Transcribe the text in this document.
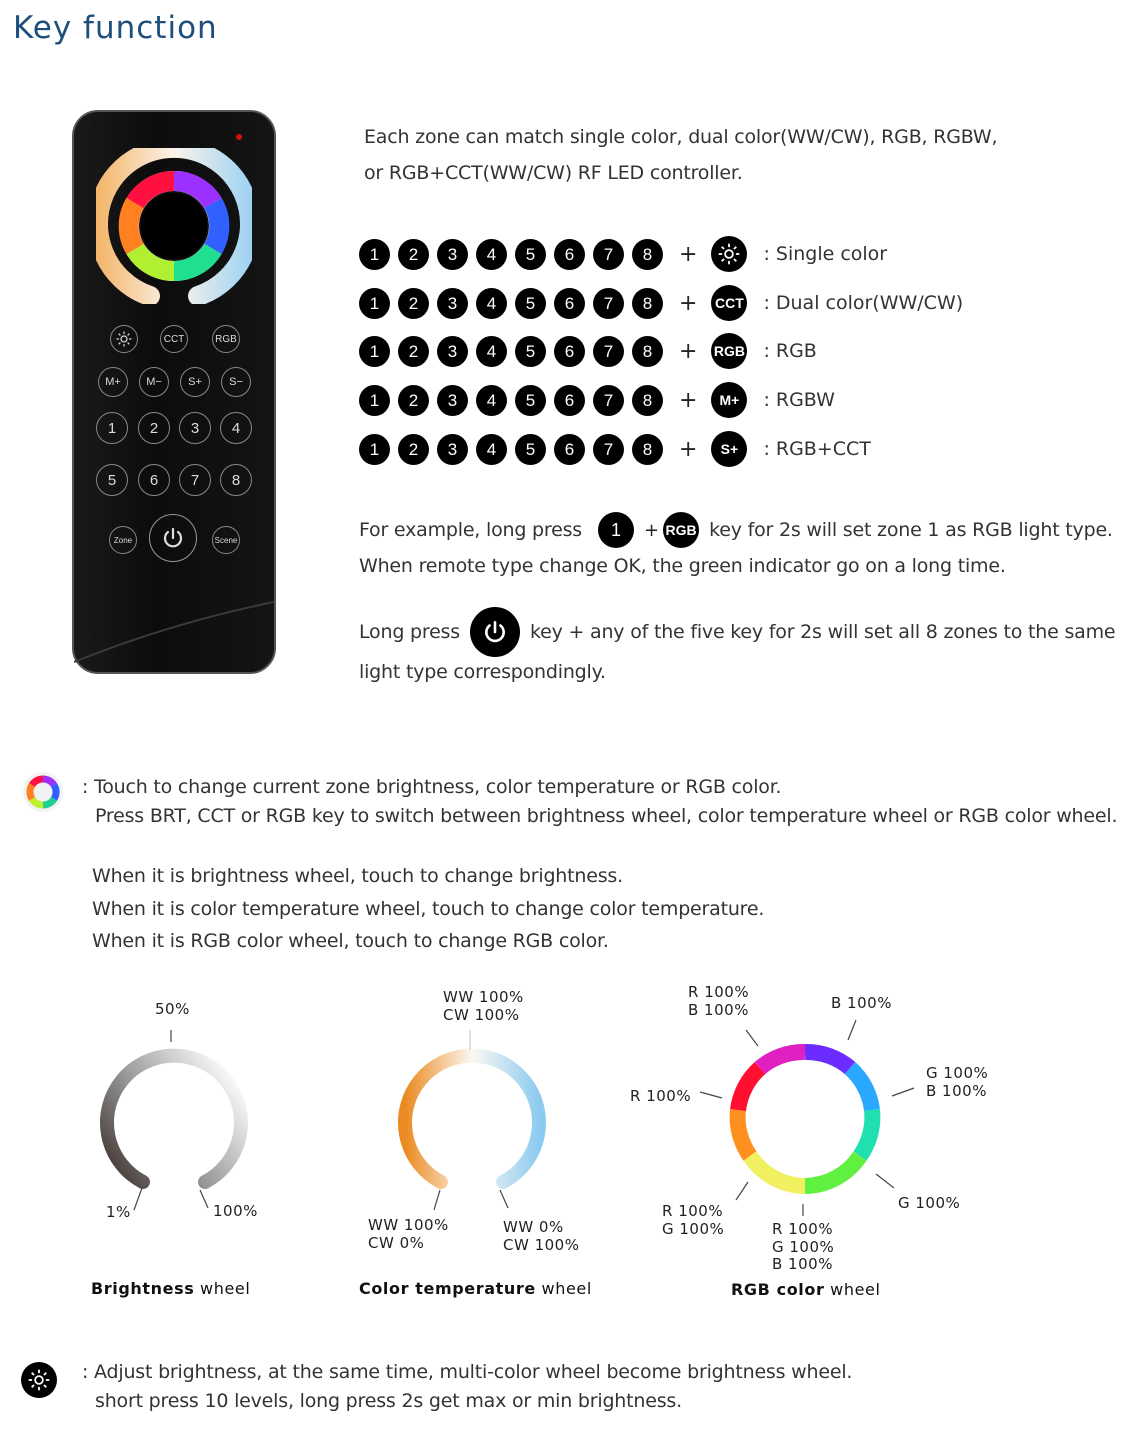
Key function
CCT	RGB
M+	M−	S+	S−
1	2	3	4
5	6	7	8
Zone	Scene
Each zone can match single color, dual color(WW/CW), RGB, RGBW,
or RGB+CCT(WW/CW) RF LED controller.
1	2	3	4	5	6	7	8	+	: Single color
1	2	3	4	5	6	7	8	+ CCT : Dual color(WW/CW)
1	2	3	4	5	6	7	8	+ RGB : RGB
1	2	3	4	5	6	7	8	+	M+	: RGBW
1	2	3	4	5	6	7	8	+	S+	: RGB+CCT
For example, long press	1	+ RGB key for 2s will set zone 1 as RGB light type.
When remote type change OK, the green indicator go on a long time.
Long press	key + any of the five key for 2s will set all 8 zones to the same
light type correspondingly.
: Touch to change current zone brightness, color temperature or RGB color.
Press BRT, CCT or RGB key to switch between brightness wheel, color temperature wheel or RGB color wheel.
When it is brightness wheel, touch to change brightness.
When it is color temperature wheel, touch to change color temperature.
When it is RGB color wheel, touch to change RGB color.
50%
1%	100%
Brightness wheel
WW 100%
CW 100%
WW 100%
CW 0%
WW 0%
CW 100%
Color temperature wheel
R 100%
B 100%	B 100%
G 100%
B 100%
R 100%
G 100%
R 100%
G 100%	R 100%
G 100%
B 100%
RGB color wheel
: Adjust brightness, at the same time, multi-color wheel become brightness wheel.
short press 10 levels, long press 2s get max or min brightness.
